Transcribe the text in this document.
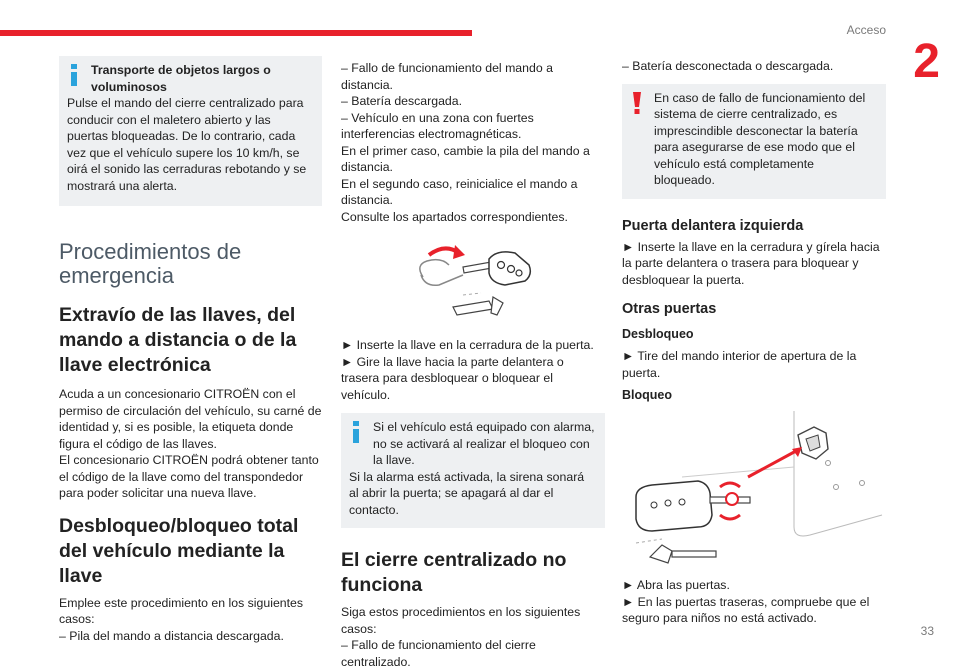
Acceso
2
33

Transporte de objetos largos o voluminosos

Pulse el mando del cierre centralizado para conducir con el maletero abierto y las puertas bloqueadas. De lo contrario, cada vez que el vehículo supere los 10 km/h, se oirá el sonido las cerraduras rebotando y se mostrará una alerta.

Procedimientos de emergencia
Extravío de las llaves, del mando a distancia o de la llave electrónica

Acuda a un concesionario CITROËN con el permiso de circulación del vehículo, su carné de identidad y, si es posible, la etiqueta donde figura el código de las llaves.

El concesionario CITROËN podrá obtener tanto el código de la llave como del transpondedor para poder solicitar una nueva llave.

Desbloqueo/bloqueo total del vehículo mediante la llave

Emplee este procedimiento en los siguientes casos:

– Pila del mando a distancia descargada.

– Fallo de funcionamiento del mando a distancia.

– Batería descargada.

– Vehículo en una zona con fuertes interferencias electromagnéticas.

En el primer caso, cambie la pila del mando a distancia.

En el segundo caso, reinicialice el mando a distancia.

Consulte los apartados correspondientes.

► Inserte la llave en la cerradura de la puerta.

► Gire la llave hacia la parte delantera o trasera para desbloquear o bloquear el vehículo.

Si el vehículo está equipado con alarma, no se activará al realizar el bloqueo con la llave.

Si la alarma está activada, la sirena sonará al abrir la puerta; se apagará al dar el contacto.

El cierre centralizado no funciona

Siga estos procedimientos en los siguientes casos:

– Fallo de funcionamiento del cierre centralizado.

– Batería desconectada o descargada.

En caso de fallo de funcionamiento del sistema de cierre centralizado, es imprescindible desconectar la batería para asegurarse de ese modo que el vehículo está completamente bloqueado.

Puerta delantera izquierda

► Inserte la llave en la cerradura y gírela hacia la parte delantera o trasera para bloquear y desbloquear la puerta.

Otras puertas

Desbloqueo

► Tire del mando interior de apertura de la puerta.

Bloqueo

► Abra las puertas.

► En las puertas traseras, compruebe que el seguro para niños no está activado.
